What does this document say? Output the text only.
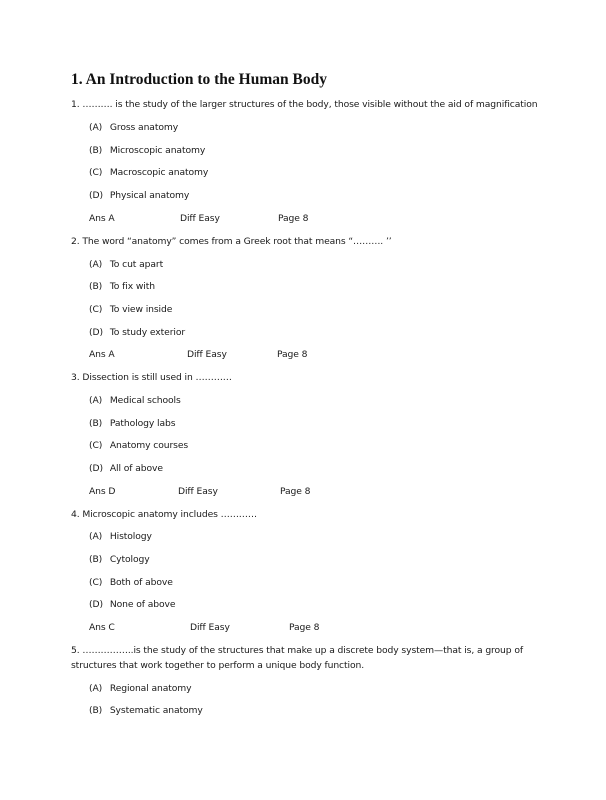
1. An Introduction to the Human Body
1. ………. is the study of the larger structures of the body, those visible without the aid of magnification
(A) Gross anatomy
(B) Microscopic anatomy
(C) Macroscopic anatomy
(D) Physical anatomy
Ans A	Diff Easy	Page 8
2. The word “anatomy” comes from a Greek root that means “………. ’’
(A) To cut apart
(B) To fix with
(C) To view inside
(D) To study exterior
Ans A	Diff Easy	Page 8
3. Dissection is still used in …………
(A) Medical schools
(B) Pathology labs
(C) Anatomy courses
(D) All of above
Ans D	Diff Easy	Page 8
4. Microscopic anatomy includes …………
(A) Histology
(B) Cytology
(C) Both of above
(D) None of above
Ans C	Diff Easy	Page 8
5. ……………..is the study of the structures that make up a discrete body system—that is, a group of
structures that work together to perform a unique body function.
(A) Regional anatomy
(B) Systematic anatomy
